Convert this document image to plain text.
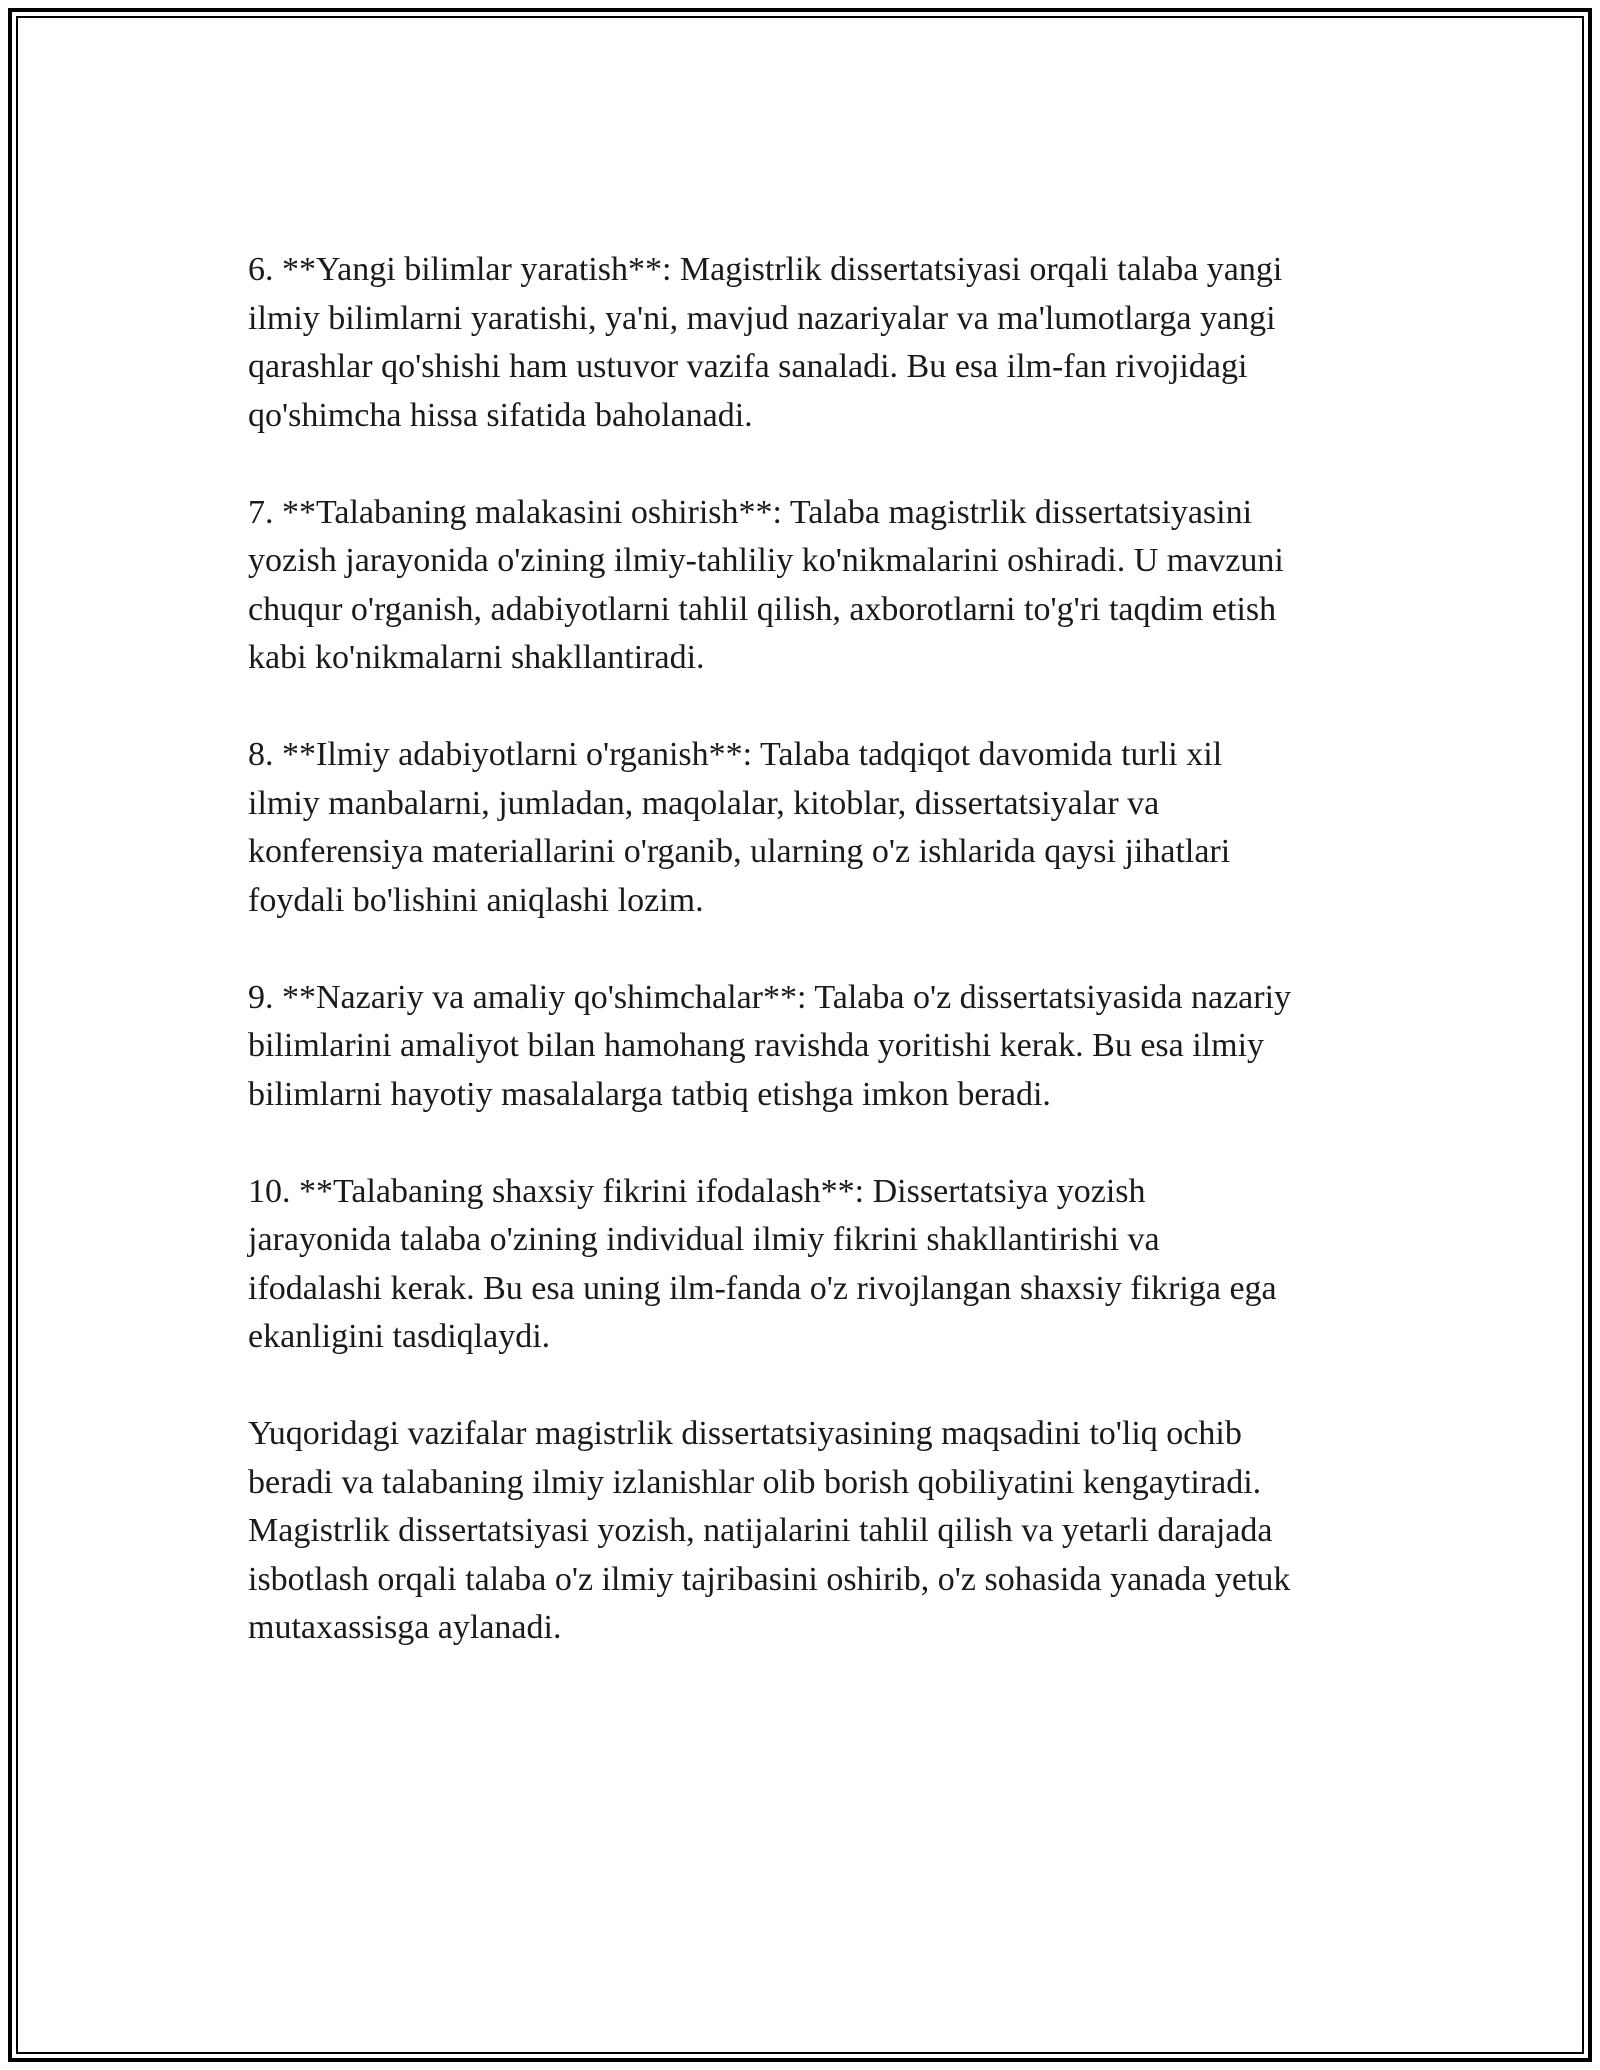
6. **Yangi bilimlar yaratish**: Magistrlik dissertatsiyasi orqali talaba yangi
ilmiy bilimlarni yaratishi, ya'ni, mavjud nazariyalar va ma'lumotlarga yangi
qarashlar qo'shishi ham ustuvor vazifa sanaladi. Bu esa ilm-fan rivojidagi
qo'shimcha hissa sifatida baholanadi.
7. **Talabaning malakasini oshirish**: Talaba magistrlik dissertatsiyasini
yozish jarayonida o'zining ilmiy-tahliliy ko'nikmalarini oshiradi. U mavzuni
chuqur o'rganish, adabiyotlarni tahlil qilish, axborotlarni to'g'ri taqdim etish
kabi ko'nikmalarni shakllantiradi.
8. **Ilmiy adabiyotlarni o'rganish**: Talaba tadqiqot davomida turli xil
ilmiy manbalarni, jumladan, maqolalar, kitoblar, dissertatsiyalar va
konferensiya materiallarini o'rganib, ularning o'z ishlarida qaysi jihatlari
foydali bo'lishini aniqlashi lozim.
9. **Nazariy va amaliy qo'shimchalar**: Talaba o'z dissertatsiyasida nazariy
bilimlarini amaliyot bilan hamohang ravishda yoritishi kerak. Bu esa ilmiy
bilimlarni hayotiy masalalarga tatbiq etishga imkon beradi.
10. **Talabaning shaxsiy fikrini ifodalash**: Dissertatsiya yozish
jarayonida talaba o'zining individual ilmiy fikrini shakllantirishi va
ifodalashi kerak. Bu esa uning ilm-fanda o'z rivojlangan shaxsiy fikriga ega
ekanligini tasdiqlaydi.
Yuqoridagi vazifalar magistrlik dissertatsiyasining maqsadini to'liq ochib
beradi va talabaning ilmiy izlanishlar olib borish qobiliyatini kengaytiradi.
Magistrlik dissertatsiyasi yozish, natijalarini tahlil qilish va yetarli darajada
isbotlash orqali talaba o'z ilmiy tajribasini oshirib, o'z sohasida yanada yetuk
mutaxassisga aylanadi.
